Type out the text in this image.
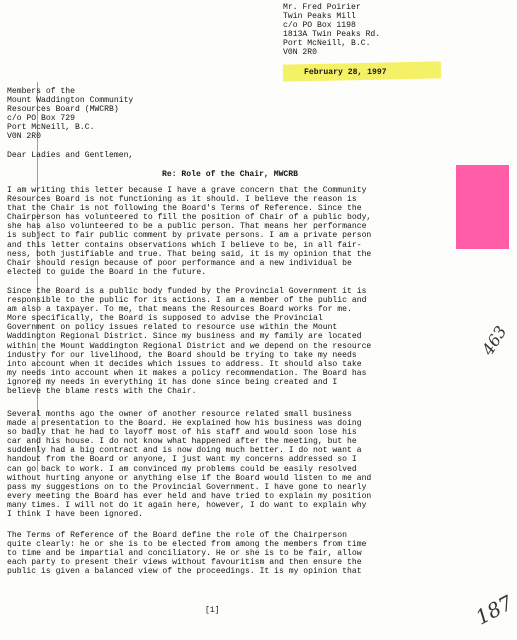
Mr. Fred Poirier
Twin Peaks Mill
c/o PO Box 1198
1813A Twin Peaks Rd.
Port McNeill, B.C.
V0N 2R0
February 28, 1997
Members of the
Mount Waddington Community
Resources Board (MWCRB)
c/o PO Box 729
Port McNeill, B.C.
V0N 2R0
Dear Ladies and Gentlemen,
Re: Role of the Chair, MWCRB
I am writing this letter because I have a grave concern that the Community
Resources Board is not functioning as it should. I believe the reason is
that the Chair is not following the Board's Terms of Reference. Since the
Chairperson has volunteered to fill the position of Chair of a public body,
she has also volunteered to be a public person. That means her performance
is subject to fair public comment by private persons. I am a private person
and this letter contains observations which I believe to be, in all fair-
ness, both justifiable and true. That being said, it is my opinion that the
Chair should resign because of poor performance and a new individual be
elected to guide the Board in the future.
Since the Board is a public body funded by the Provincial Government it is
responsible to the public for its actions. I am a member of the public and
am also a taxpayer. To me, that means the Resources Board works for me.
More specifically, the Board is supposed to advise the Provincial
Government on policy issues related to resource use within the Mount
Waddington Regional District. Since my business and my family are located
within the Mount Waddington Regional District and we depend on the resource
industry for our livelihood, the Board should be trying to take my needs
into account when it decides which issues to address. It should also take
my needs into account when it makes a policy recommendation. The Board has
ignored my needs in everything it has done since being created and I
believe the blame rests with the Chair.
Several months ago the owner of another resource related small business
made a presentation to the Board. He explained how his business was doing
so badly that he had to layoff most of his staff and would soon lose his
car and his house. I do not know what happened after the meeting, but he
suddenly had a big contract and is now doing much better. I do not want a
handout from the Board or anyone, I just want my concerns addressed so I
can go back to work. I am convinced my problems could be easily resolved
without hurting anyone or anything else if the Board would listen to me and
pass my suggestions on to the Provincial Government. I have gone to nearly
every meeting the Board has ever held and have tried to explain my position
many times. I will not do it again here, however, I do want to explain why
I think I have been ignored.
The Terms of Reference of the Board define the role of the Chairperson
quite clearly: he or she is to be elected from among the members from time
to time and be impartial and conciliatory. He or she is to be fair, allow
each party to present their views without favouritism and then ensure the
public is given a balanced view of the proceedings. It is my opinion that
[1]
463
187
